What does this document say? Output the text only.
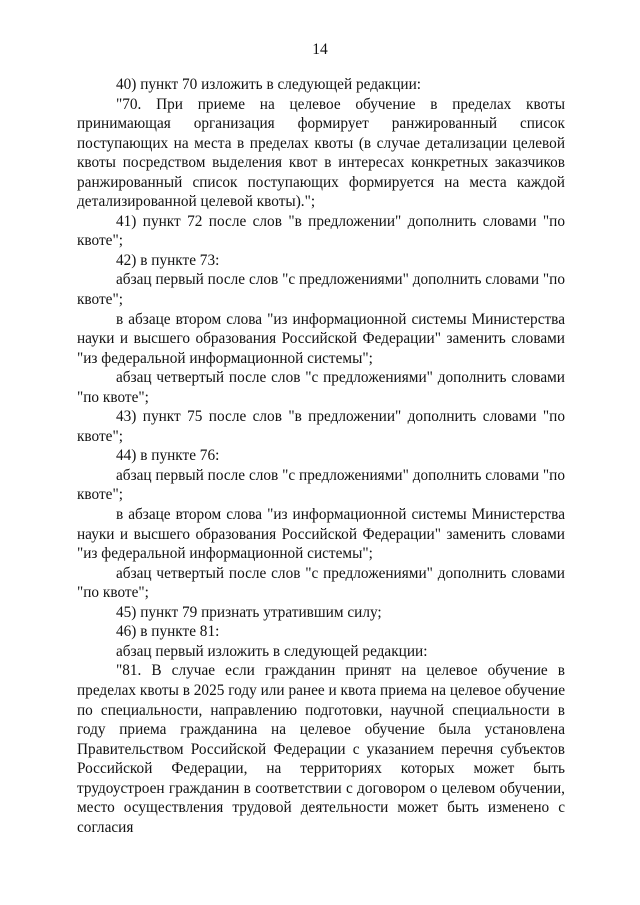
14

40) пункт 70 изложить в следующей редакции:

"70. При приеме на целевое обучение в пределах квоты принимающая организация формирует ранжированный список поступающих на места в пределах квоты (в случае детализации целевой квоты посредством выделения квот в интересах конкретных заказчиков ранжированный список поступающих формируется на места каждой детализированной целевой квоты).";

41) пункт 72 после слов "в предложении" дополнить словами "по квоте";

42) в пункте 73:

абзац первый после слов "с предложениями" дополнить словами "по квоте";

в абзаце втором слова "из информационной системы Министерства науки и высшего образования Российской Федерации" заменить словами "из федеральной информационной системы";

абзац четвертый после слов "с предложениями" дополнить словами "по квоте";

43) пункт 75 после слов "в предложении" дополнить словами "по квоте";

44) в пункте 76:

абзац первый после слов "с предложениями" дополнить словами "по квоте";

в абзаце втором слова "из информационной системы Министерства науки и высшего образования Российской Федерации" заменить словами "из федеральной информационной системы";

абзац четвертый после слов "с предложениями" дополнить словами "по квоте";

45) пункт 79 признать утратившим силу;

46) в пункте 81:

абзац первый изложить в следующей редакции:

"81. В случае если гражданин принят на целевое обучение в пределах квоты в 2025 году или ранее и квота приема на целевое обучение по специальности, направлению подготовки, научной специальности в году приема гражданина на целевое обучение была установлена Правительством Российской Федерации с указанием перечня субъектов Российской Федерации, на территориях которых может быть трудоустроен гражданин в соответствии с договором о целевом обучении, место осуществления трудовой деятельности может быть изменено с согласия
